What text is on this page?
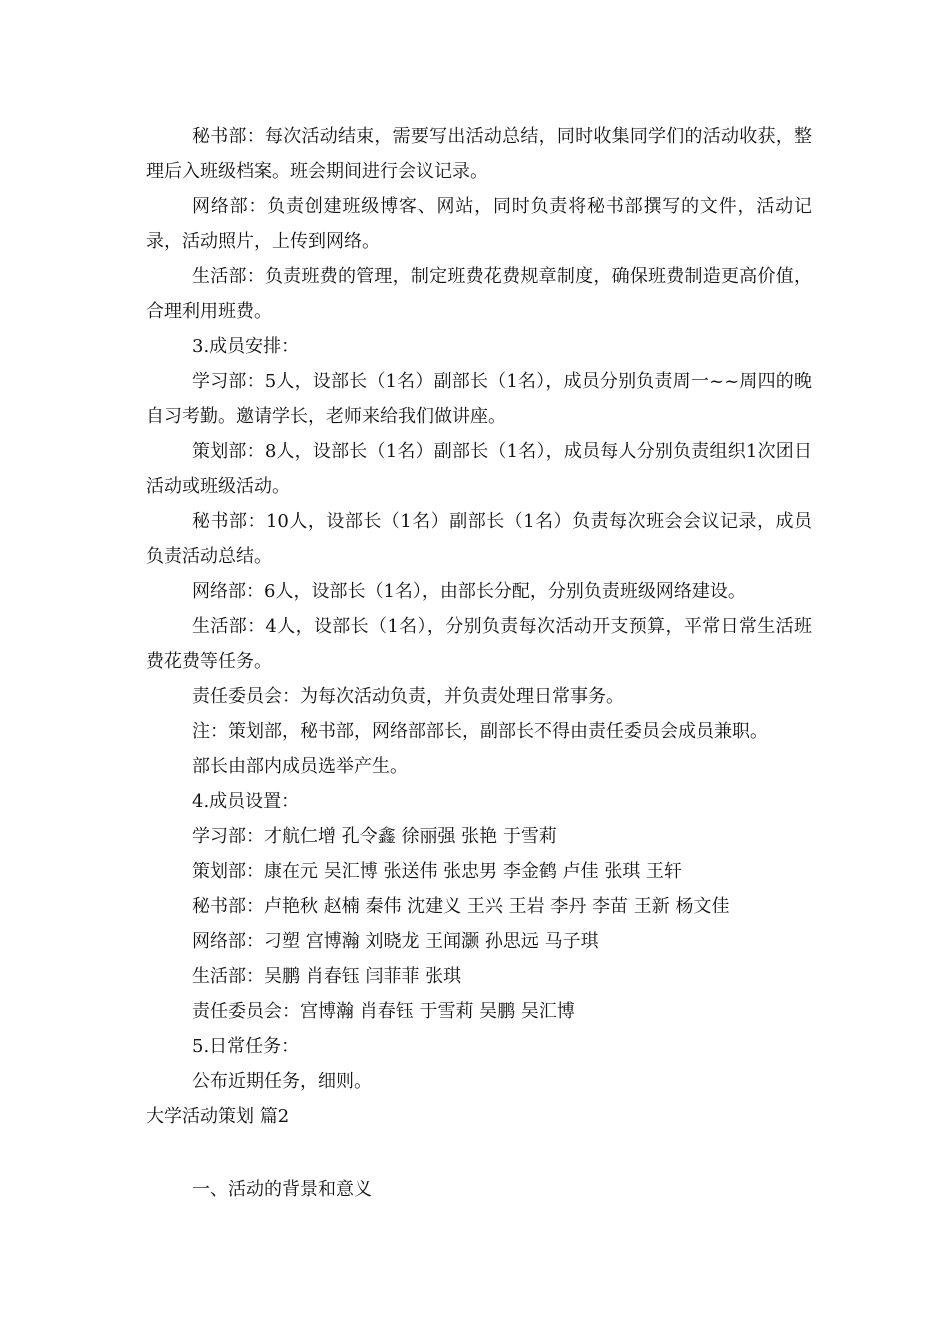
秘书部：每次活动结束，需要写出活动总结，同时收集同学们的活动收获，整理后入班级档案。班会期间进行会议记录。

网络部：负责创建班级博客、网站，同时负责将秘书部撰写的文件，活动记录，活动照片，上传到网络。

生活部：负责班费的管理，制定班费花费规章制度，确保班费制造更高价值，合理利用班费。

3.成员安排：

学习部：5人，设部长（1名）副部长（1名），成员分别负责周一~~周四的晚自习考勤。邀请学长，老师来给我们做讲座。

策划部：8人，设部长（1名）副部长（1名），成员每人分别负责组织1次团日活动或班级活动。

秘书部：10人，设部长（1名）副部长（1名）负责每次班会会议记录，成员负责活动总结。

网络部：6人，设部长（1名），由部长分配，分别负责班级网络建设。

生活部：4人，设部长（1名），分别负责每次活动开支预算，平常日常生活班费花费等任务。

责任委员会：为每次活动负责，并负责处理日常事务。

注：策划部，秘书部，网络部部长，副部长不得由责任委员会成员兼职。

部长由部内成员选举产生。

4.成员设置：

学习部：才航仁增 孔令鑫 徐丽强 张艳 于雪莉

策划部：康在元 吴汇博 张送伟 张忠男 李金鹤 卢佳 张琪 王轩

秘书部：卢艳秋 赵楠 秦伟 沈建义 王兴 王岩 李丹 李苗 王新 杨文佳

网络部：刁塑 宫博瀚 刘晓龙 王闻灏 孙思远 马子琪

生活部：吴鹏 肖春钰 闫菲菲 张琪

责任委员会：宫博瀚 肖春钰 于雪莉 吴鹏 吴汇博

5.日常任务：

公布近期任务，细则。

大学活动策划 篇2

一、活动的背景和意义
